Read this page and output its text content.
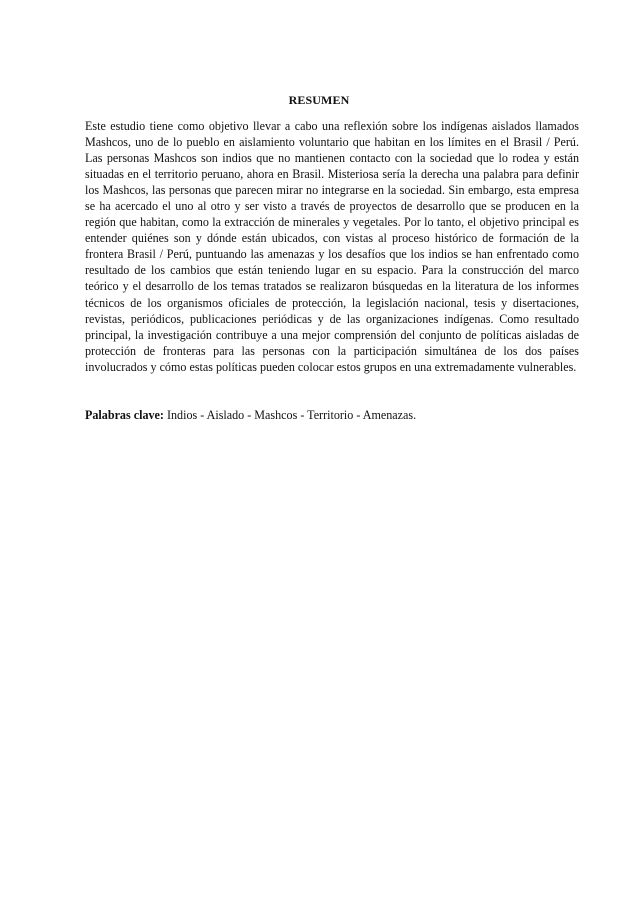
RESUMEN

Este estudio tiene como objetivo llevar a cabo una reflexión sobre los indígenas aislados llamados Mashcos, uno de lo pueblo en aislamiento voluntario que habitan en los límites en el Brasil / Perú. Las personas Mashcos son indios que no mantienen contacto con la sociedad que lo rodea y están situadas en el territorio peruano, ahora en Brasil. Misteriosa sería la derecha una palabra para definir los Mashcos, las personas que parecen mirar no integrarse en la sociedad. Sin embargo, esta empresa se ha acercado el uno al otro y ser visto a través de proyectos de desarrollo que se producen en la región que habitan, como la extracción de minerales y vegetales. Por lo tanto, el objetivo principal es entender quiénes son y dónde están ubicados, con vistas al proceso histórico de formación de la frontera Brasil / Perú, puntuando las amenazas y los desafíos que los indios se han enfrentado como resultado de los cambios que están teniendo lugar en su espacio. Para la construcción del marco teórico y el desarrollo de los temas tratados se realizaron búsquedas en la literatura de los informes técnicos de los organismos oficiales de protección, la legislación nacional, tesis y disertaciones, revistas, periódicos, publicaciones periódicas y de las organizaciones indígenas. Como resultado principal, la investigación contribuye a una mejor comprensión del conjunto de políticas aisladas de protección de fronteras para las personas con la participación simultánea de los dos países involucrados y cómo estas políticas pueden colocar estos grupos en una extremadamente vulnerables.

Palabras clave: Indios - Aislado - Mashcos - Territorio - Amenazas.
